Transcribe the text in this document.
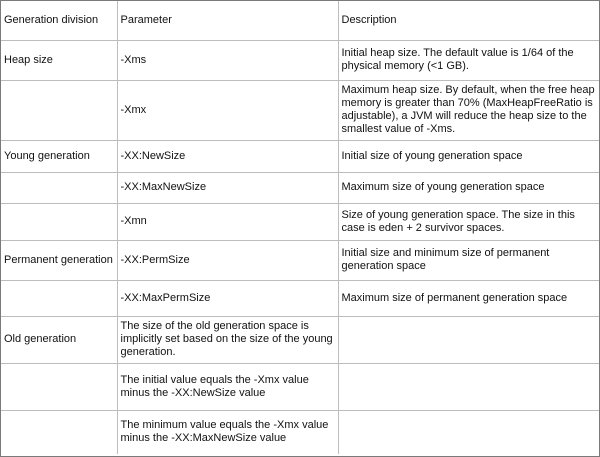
Generation division	Parameter	Description
Heap size	-Xms	Initial heap size. The default value is 1/64 of the physical memory (<1 GB).
	-Xmx	Maximum heap size. By default, when the free heap memory is greater than 70% (MaxHeapFreeRatio is adjustable), a JVM will reduce the heap size to the smallest value of -Xms.
Young generation	-XX:NewSize	Initial size of young generation space
	-XX:MaxNewSize	Maximum size of young generation space
	-Xmn	Size of young generation space. The size in this case is eden + 2 survivor spaces.
Permanent generation	-XX:PermSize	Initial size and minimum size of permanent generation space
	-XX:MaxPermSize	Maximum size of permanent generation space
Old generation	The size of the old generation space is implicitly set based on the size of the young generation.	
	The initial value equals the -Xmx value minus the -XX:NewSize value	
	The minimum value equals the -Xmx value minus the -XX:MaxNewSize value	
